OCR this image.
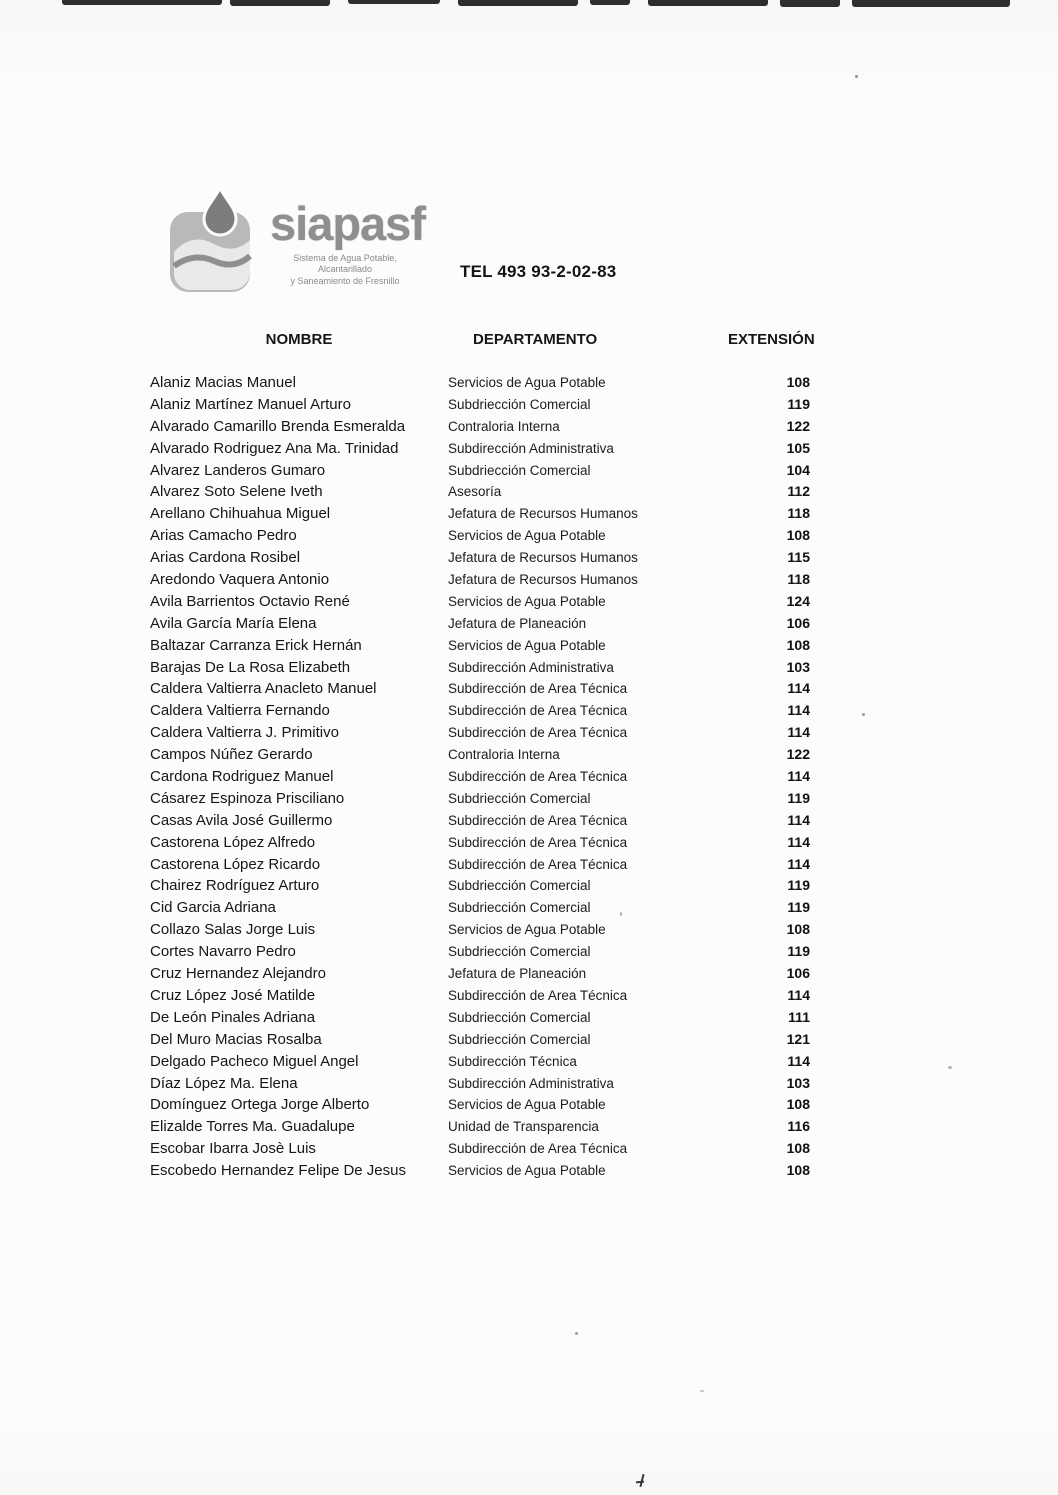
siapasf
Sistema de Agua Potable, Alcantarillado
y Saneamiento de Fresnillo	TEL 493 93-2-02-83
NOMBRE	DEPARTAMENTO	EXTENSIÓN
Alaniz Macias Manuel	Servicios de Agua Potable	108
Alaniz Martínez Manuel Arturo	Subdriección Comercial	119
Alvarado Camarillo Brenda Esmeralda	Contraloria Interna	122
Alvarado Rodriguez Ana Ma. Trinidad	Subdirección Administrativa	105
Alvarez Landeros Gumaro	Subdriección Comercial	104
Alvarez Soto Selene Iveth	Asesoría	112
Arellano Chihuahua Miguel	Jefatura de Recursos Humanos	118
Arias Camacho Pedro	Servicios de Agua Potable	108
Arias Cardona Rosibel	Jefatura de Recursos Humanos	115
Aredondo Vaquera Antonio	Jefatura de Recursos Humanos	118
Avila Barrientos Octavio René	Servicios de Agua Potable	124
Avila García María Elena	Jefatura de Planeación	106
Baltazar Carranza Erick Hernán	Servicios de Agua Potable	108
Barajas De La Rosa Elizabeth	Subdirección Administrativa	103
Caldera Valtierra Anacleto Manuel	Subdirección de Area Técnica	114
Caldera Valtierra Fernando	Subdirección de Area Técnica	114
Caldera Valtierra J. Primitivo	Subdirección de Area Técnica	114
Campos Núñez Gerardo	Contraloria Interna	122
Cardona Rodriguez Manuel	Subdirección de Area Técnica	114
Cásarez Espinoza Prisciliano	Subdriección Comercial	119
Casas Avila José Guillermo	Subdirección de Area Técnica	114
Castorena López Alfredo	Subdirección de Area Técnica	114
Castorena López Ricardo	Subdirección de Area Técnica	114
Chairez Rodríguez Arturo	Subdriección Comercial	119
Cid Garcia Adriana	Subdriección Comercial	119
Collazo Salas Jorge Luis	Servicios de Agua Potable	108
Cortes Navarro Pedro	Subdriección Comercial	119
Cruz Hernandez Alejandro	Jefatura de Planeación	106
Cruz López José Matilde	Subdirección de Area Técnica	114
De León Pinales Adriana	Subdriección Comercial	111
Del Muro Macias Rosalba	Subdriección Comercial	121
Delgado Pacheco Miguel Angel	Subdirección Técnica	114
Díaz López Ma. Elena	Subdirección Administrativa	103
Domínguez Ortega Jorge Alberto	Servicios de Agua Potable	108
Elizalde Torres Ma. Guadalupe	Unidad de Transparencia	116
Escobar Ibarra Josè Luis	Subdirección de Area Técnica	108
Escobedo Hernandez Felipe De Jesus	Servicios de Agua Potable	108
